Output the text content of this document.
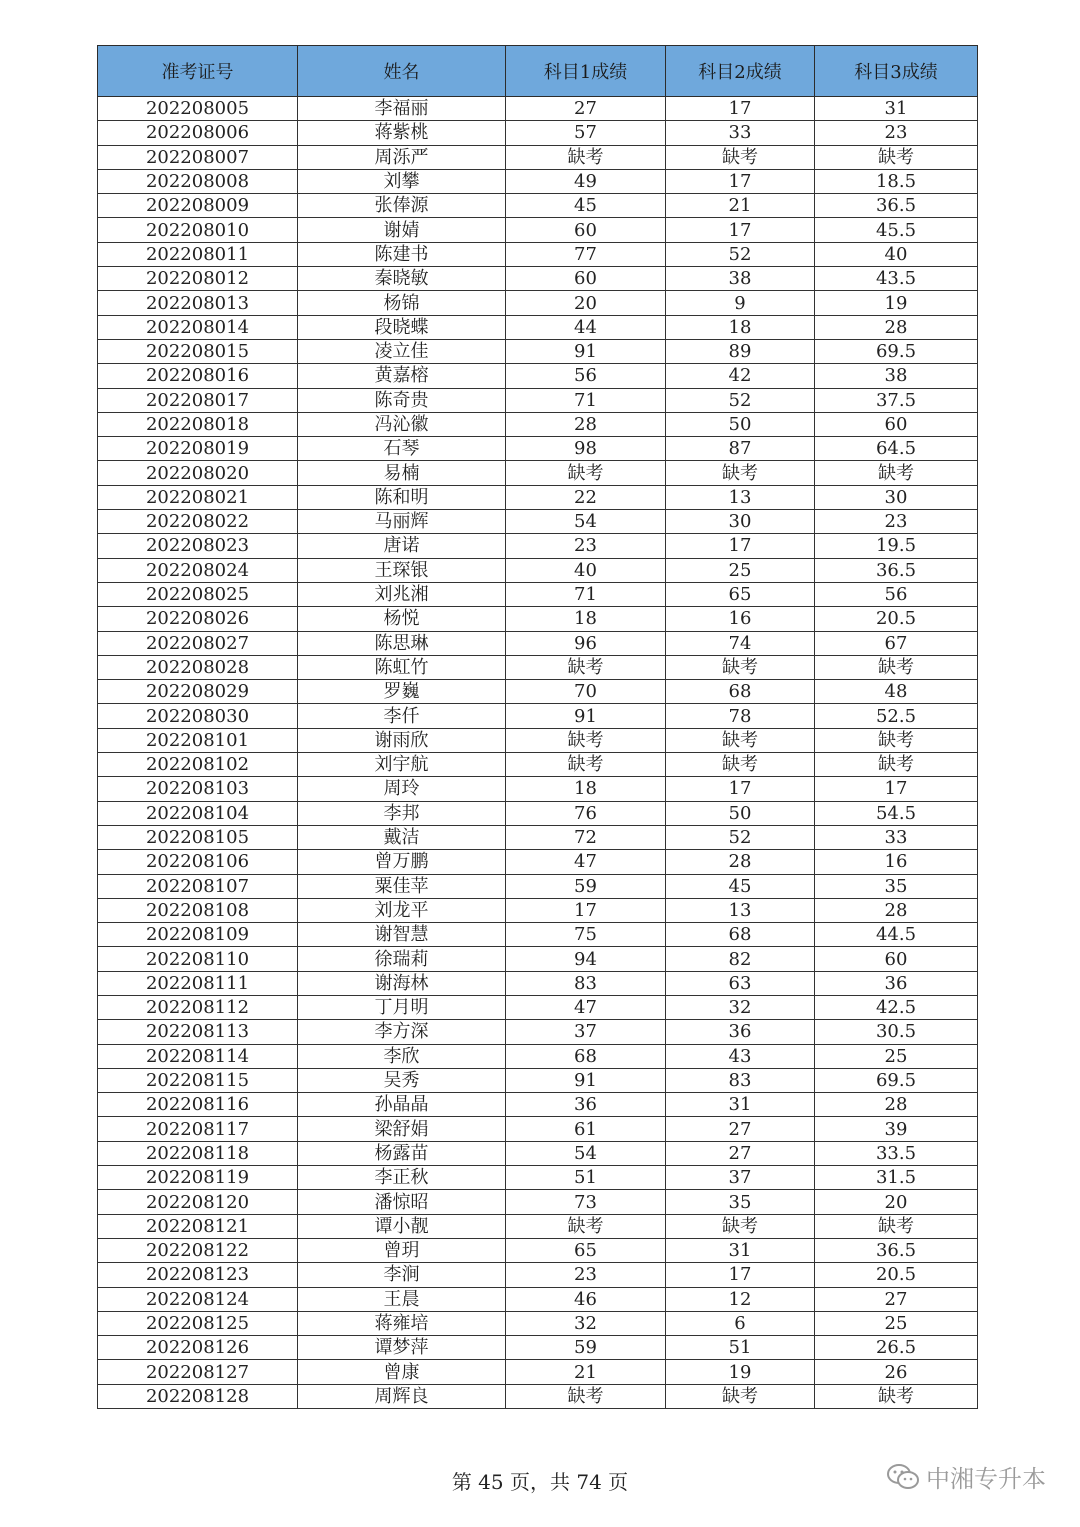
准考证号	姓名	科目1成绩	科目2成绩	科目3成绩
202208005	李福丽	27	17	31
202208006	蒋紫桃	57	33	23
202208007	周泺严	缺考	缺考	缺考
202208008	刘攀	49	17	18.5
202208009	张俸源	45	21	36.5
202208010	谢婧	60	17	45.5
202208011	陈建书	77	52	40
202208012	秦晓敏	60	38	43.5
202208013	杨锦	20	9	19
202208014	段晓蝶	44	18	28
202208015	凌立佳	91	89	69.5
202208016	黄嘉榕	56	42	38
202208017	陈奇贵	71	52	37.5
202208018	冯沁徽	28	50	60
202208019	石琴	98	87	64.5
202208020	易楠	缺考	缺考	缺考
202208021	陈和明	22	13	30
202208022	马丽辉	54	30	23
202208023	唐诺	23	17	19.5
202208024	王琛银	40	25	36.5
202208025	刘兆湘	71	65	56
202208026	杨悦	18	16	20.5
202208027	陈思琳	96	74	67
202208028	陈虹竹	缺考	缺考	缺考
202208029	罗巍	70	68	48
202208030	李仟	91	78	52.5
202208101	谢雨欣	缺考	缺考	缺考
202208102	刘宇航	缺考	缺考	缺考
202208103	周玲	18	17	17
202208104	李邦	76	50	54.5
202208105	戴洁	72	52	33
202208106	曾万鹏	47	28	16
202208107	粟佳苹	59	45	35
202208108	刘龙平	17	13	28
202208109	谢智慧	75	68	44.5
202208110	徐瑞莉	94	82	60
202208111	谢海林	83	63	36
202208112	丁月明	47	32	42.5
202208113	李方深	37	36	30.5
202208114	李欣	68	43	25
202208115	吴秀	91	83	69.5
202208116	孙晶晶	36	31	28
202208117	梁舒娟	61	27	39
202208118	杨露苗	54	27	33.5
202208119	李正秋	51	37	31.5
202208120	潘惊昭	73	35	20
202208121	谭小靓	缺考	缺考	缺考
202208122	曾玥	65	31	36.5
202208123	李涧	23	17	20.5
202208124	王晨	46	12	27
202208125	蒋雍培	32	6	25
202208126	谭梦萍	59	51	26.5
202208127	曾康	21	19	26
202208128	周辉良	缺考	缺考	缺考
第 45 页，共 74 页	中湘专升本
